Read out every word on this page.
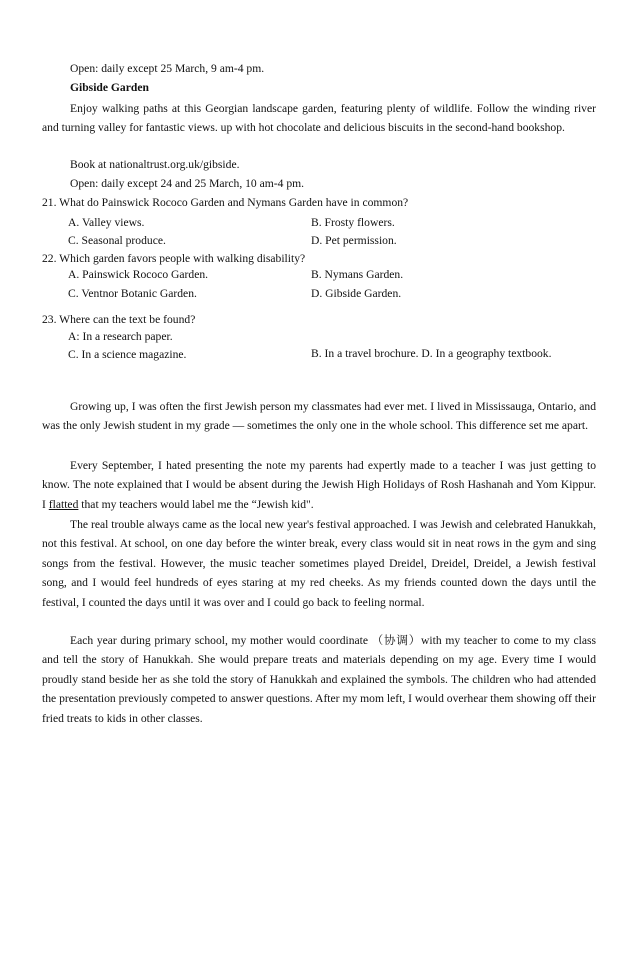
Open: daily except 25 March, 9 am-4 pm.
Gibside Garden
Enjoy walking paths at this Georgian landscape garden, featuring plenty of wildlife. Follow the winding river and turning valley for fantastic views. up with hot chocolate and delicious biscuits in the second-hand bookshop.
Book at nationaltrust.org.uk/gibside.
Open: daily except 24 and 25 March, 10 am-4 pm.
21. What do Painswick Rococo Garden and Nymans Garden have in common?
A. Valley views.	B. Frosty flowers.
C. Seasonal produce.	D. Pet permission.
22. Which garden favors people with walking disability?
A. Painswick Rococo Garden.	B. Nymans Garden.
C. Ventnor Botanic Garden.	D. Gibside Garden.
23. Where can the text be found?
A: In a research paper.
C. In a science magazine.	B. In a travel brochure. D. In a geography textbook.
Growing up, I was often the first Jewish person my classmates had ever met. I lived in Mississauga, Ontario, and was the only Jewish student in my grade — sometimes the only one in the whole school. This difference set me apart.
Every September, I hated presenting the note my parents had expertly made to a teacher I was just getting to know. The note explained that I would be absent during the Jewish High Holidays of Rosh Hashanah and Yom Kippur. I flatted that my teachers would label me the “Jewish kid".
The real trouble always came as the local new year's festival approached. I was Jewish and celebrated Hanukkah, not this festival. At school, on one day before the winter break, every class would sit in neat rows in the gym and sing songs from the festival. However, the music teacher sometimes played Dreidel, Dreidel, Dreidel, a Jewish festival song, and I would feel hundreds of eyes staring at my red cheeks. As my friends counted down the days until the festival, I counted the days until it was over and I could go back to feeling normal.
Each year during primary school, my mother would coordinate （协调）with my teacher to come to my class and tell the story of Hanukkah. She would prepare treats and materials depending on my age. Every time I would proudly stand beside her as she told the story of Hanukkah and explained the symbols. The children who had attended the presentation previously competed to answer questions. After my mom left, I would overhear them showing off their fried treats to kids in other classes.
